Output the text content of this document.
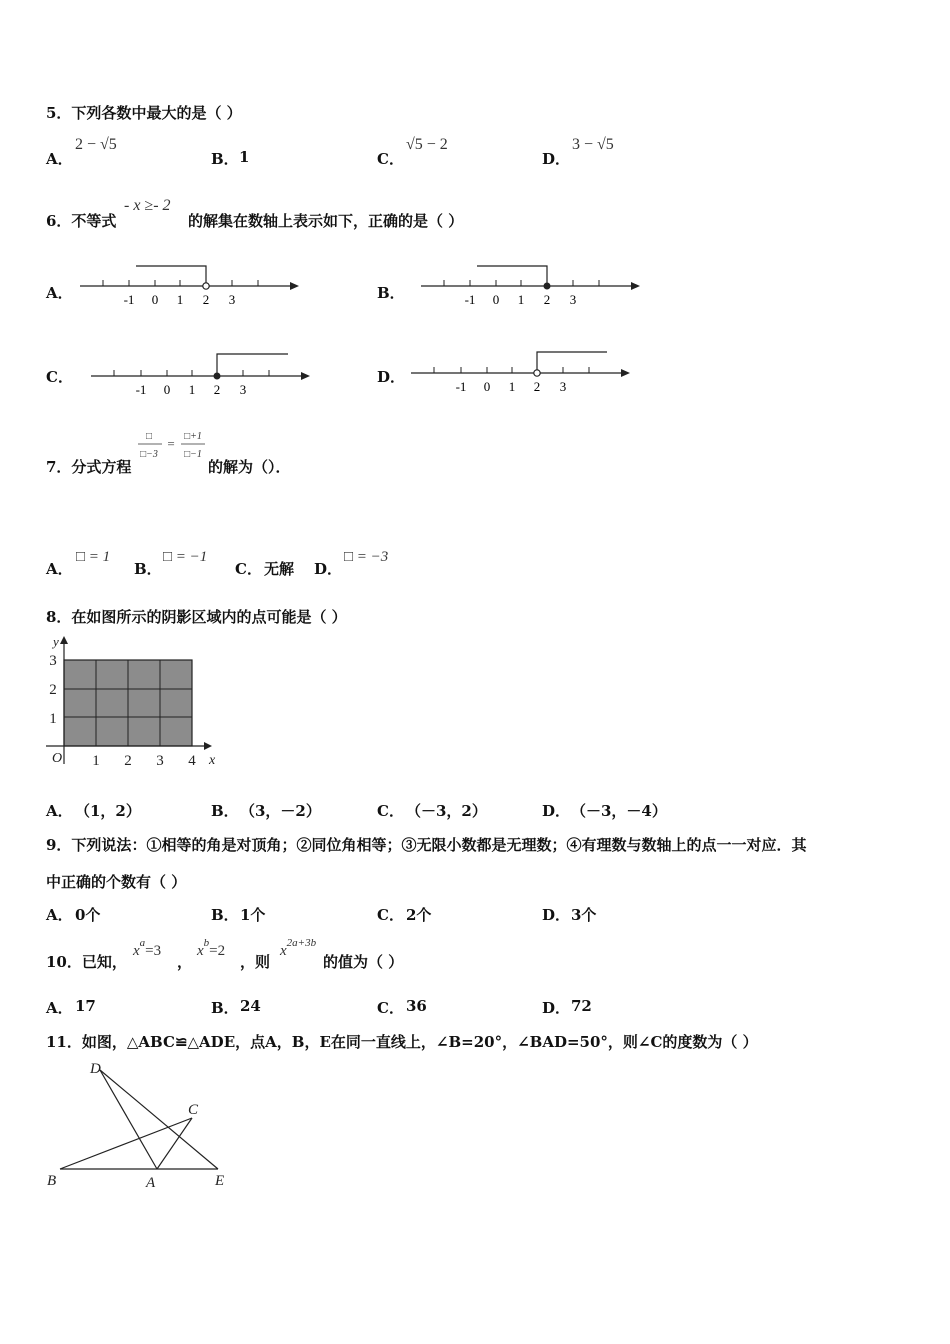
5．下列各数中最大的是（ ）
A．
2 − √5
B． 1	C．
√5 − 2
D．
3 − √5
6．不等式
- x ≥- 2
的解集在数轴上表示如下，正确的是（ ）
A．	-1 0 1 2 3	B．	-1 0 1 2 3
C．
-1 0 1 2 3
D．
-1 0 1 2 3
7．分式方程
□
□−3
= □+1
□−1
的解为（）．
A．
□ = 1
B．
□ = −1
C． 无解 D．
□ = −3
8．在如图所示的阴影区域内的点可能是（ ）
O 1 2 3 4 x
1
2
3
y
A． （1，2）	B． （3，－2）	C． （－3，2）	D． （－3，－4）
9．下列说法：①相等的角是对顶角；②同位角相等；③无限小数都是无理数；④有理数与数轴上的点一一对应．其
中正确的个数有（ ）
A． 0个	B． 1个	C． 2个	D． 3个
10．已知，
$x^a=3$
，
$x^b=2$
，则
$x^{2a+3b}$
的值为（ ）
A． 17	B． 24	C． 36	D． 72
11．如图，△ABC≌△ADE，点A，B，E在同一直线上，∠B=20°，∠BAD=50°，则∠C的度数为（ ）
D
C
B	A	E
